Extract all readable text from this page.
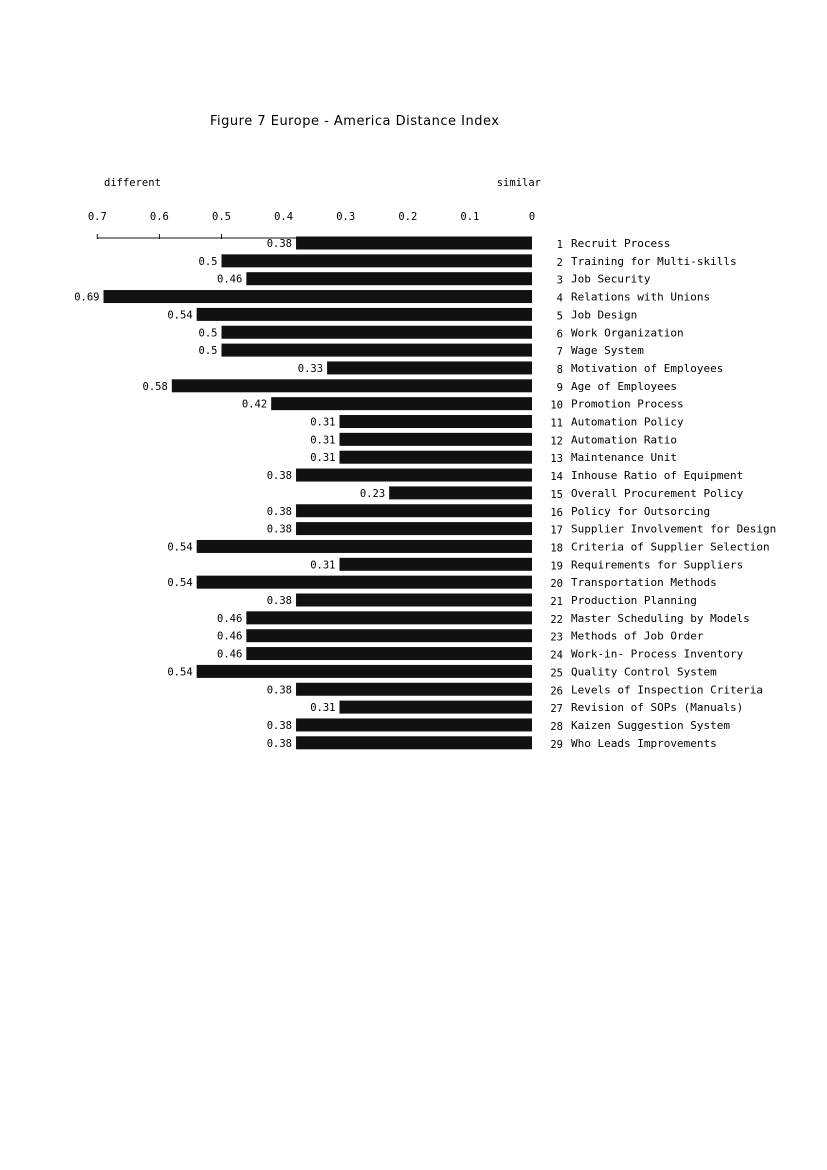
Figure 7 Europe - America Distance Index
different	similar
0.7	0.6	0.5	0.4	0.3	0.2	0.1	0
0.38	1 Recruit Process
0.5	2 Training for Multi-skills
0.46	3 Job Security
0.69	4 Relations with Unions
0.54	5 Job Design
0.5	6 Work Organization
0.5	7 Wage System
0.33	8 Motivation of Employees
0.58	9 Age of Employees
0.42	10 Promotion Process
0.31	11 Automation Policy
0.31	12 Automation Ratio
0.31	13 Maintenance Unit
0.38	14 Inhouse Ratio of Equipment
0.23	15 Overall Procurement Policy
0.38	16 Policy for Outsorcing
0.38	17 Supplier Involvement for Design
0.54	18 Criteria of Supplier Selection
0.31	19 Requirements for Suppliers
0.54	20 Transportation Methods
0.38	21 Production Planning
0.46	22 Master Scheduling by Models
0.46	23 Methods of Job Order
0.46	24 Work-in- Process Inventory
0.54	25 Quality Control System
0.38	26 Levels of Inspection Criteria
0.31	27 Revision of SOPs (Manuals)
0.38	28 Kaizen Suggestion System
0.38	29 Who Leads Improvements
